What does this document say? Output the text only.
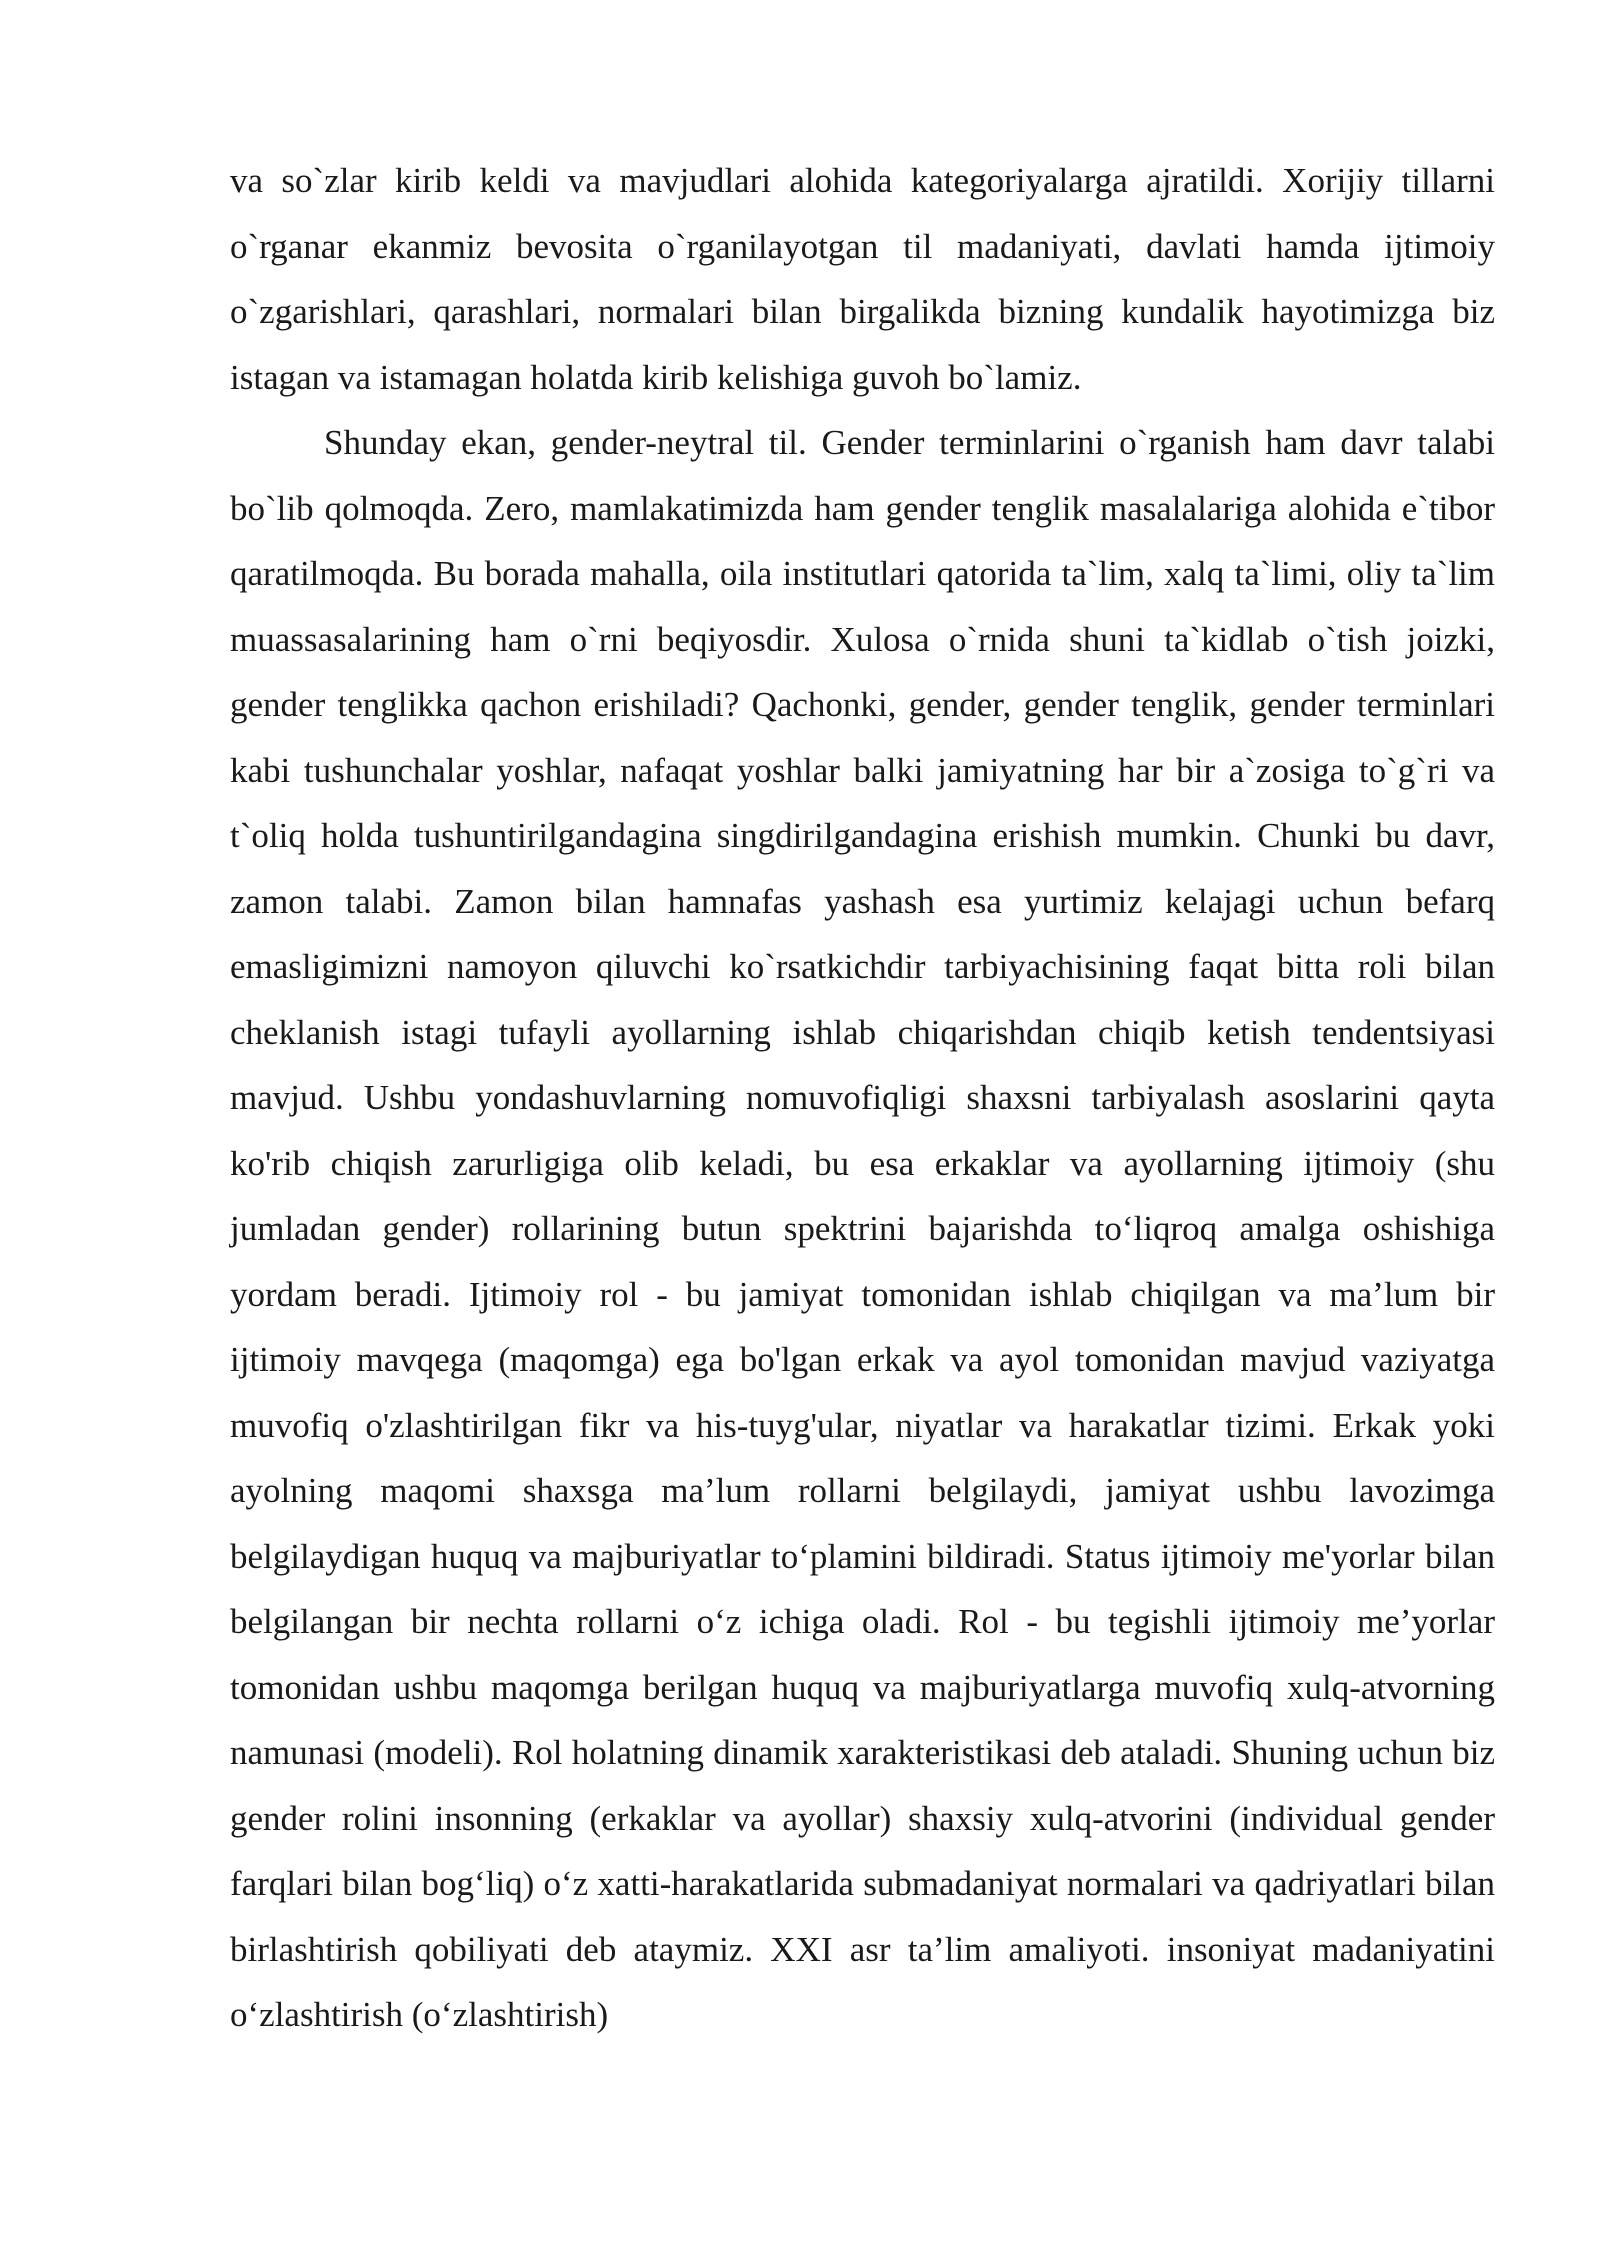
va so`zlar kirib keldi va mavjudlari alohida kategoriyalarga ajratildi. Xorijiy tillarni o`rganar ekanmiz bevosita o`rganilayotgan til madaniyati, davlati hamda ijtimoiy o`zgarishlari, qarashlari, normalari bilan birgalikda bizning kundalik hayotimizga biz istagan va istamagan holatda kirib kelishiga guvoh bo`lamiz.

Shunday ekan, gender-neytral til. Gender terminlarini o`rganish ham davr talabi bo`lib qolmoqda. Zero, mamlakatimizda ham gender tenglik masalalariga alohida e`tibor qaratilmoqda. Bu borada mahalla, oila institutlari qatorida ta`lim, xalq ta`limi, oliy ta`lim muassasalarining ham o`rni beqiyosdir. Xulosa o`rnida shuni ta`kidlab o`tish joizki, gender tenglikka qachon erishiladi? Qachonki, gender, gender tenglik, gender terminlari kabi tushunchalar yoshlar, nafaqat yoshlar balki jamiyatning har bir a`zosiga to`g`ri va t`oliq holda tushuntirilgandagina singdirilgandagina erishish mumkin. Chunki bu davr, zamon talabi. Zamon bilan hamnafas yashash esa yurtimiz kelajagi uchun befarq emasligimizni namoyon qiluvchi ko`rsatkichdir tarbiyachisining faqat bitta roli bilan cheklanish istagi tufayli ayollarning ishlab chiqarishdan chiqib ketish tendentsiyasi mavjud. Ushbu yondashuvlarning nomuvofiqligi shaxsni tarbiyalash asoslarini qayta ko'rib chiqish zarurligiga olib keladi, bu esa erkaklar va ayollarning ijtimoiy (shu jumladan gender) rollarining butun spektrini bajarishda to‘liqroq amalga oshishiga yordam beradi. Ijtimoiy rol - bu jamiyat tomonidan ishlab chiqilgan va ma’lum bir ijtimoiy mavqega (maqomga) ega bo'lgan erkak va ayol tomonidan mavjud vaziyatga muvofiq o'zlashtirilgan fikr va his-tuyg'ular, niyatlar va harakatlar tizimi. Erkak yoki ayolning maqomi shaxsga ma’lum rollarni belgilaydi, jamiyat ushbu lavozimga belgilaydigan huquq va majburiyatlar to‘plamini bildiradi. Status ijtimoiy me'yorlar bilan belgilangan bir nechta rollarni o‘z ichiga oladi. Rol - bu tegishli ijtimoiy me’yorlar tomonidan ushbu maqomga berilgan huquq va majburiyatlarga muvofiq xulq-atvorning namunasi (modeli). Rol holatning dinamik xarakteristikasi deb ataladi. Shuning uchun biz gender rolini insonning (erkaklar va ayollar) shaxsiy xulq-atvorini (individual gender farqlari bilan bog‘liq) o‘z xatti-harakatlarida submadaniyat normalari va qadriyatlari bilan birlashtirish qobiliyati deb ataymiz. XXI asr ta’lim amaliyoti. insoniyat madaniyatini o‘zlashtirish (o‘zlashtirish)
